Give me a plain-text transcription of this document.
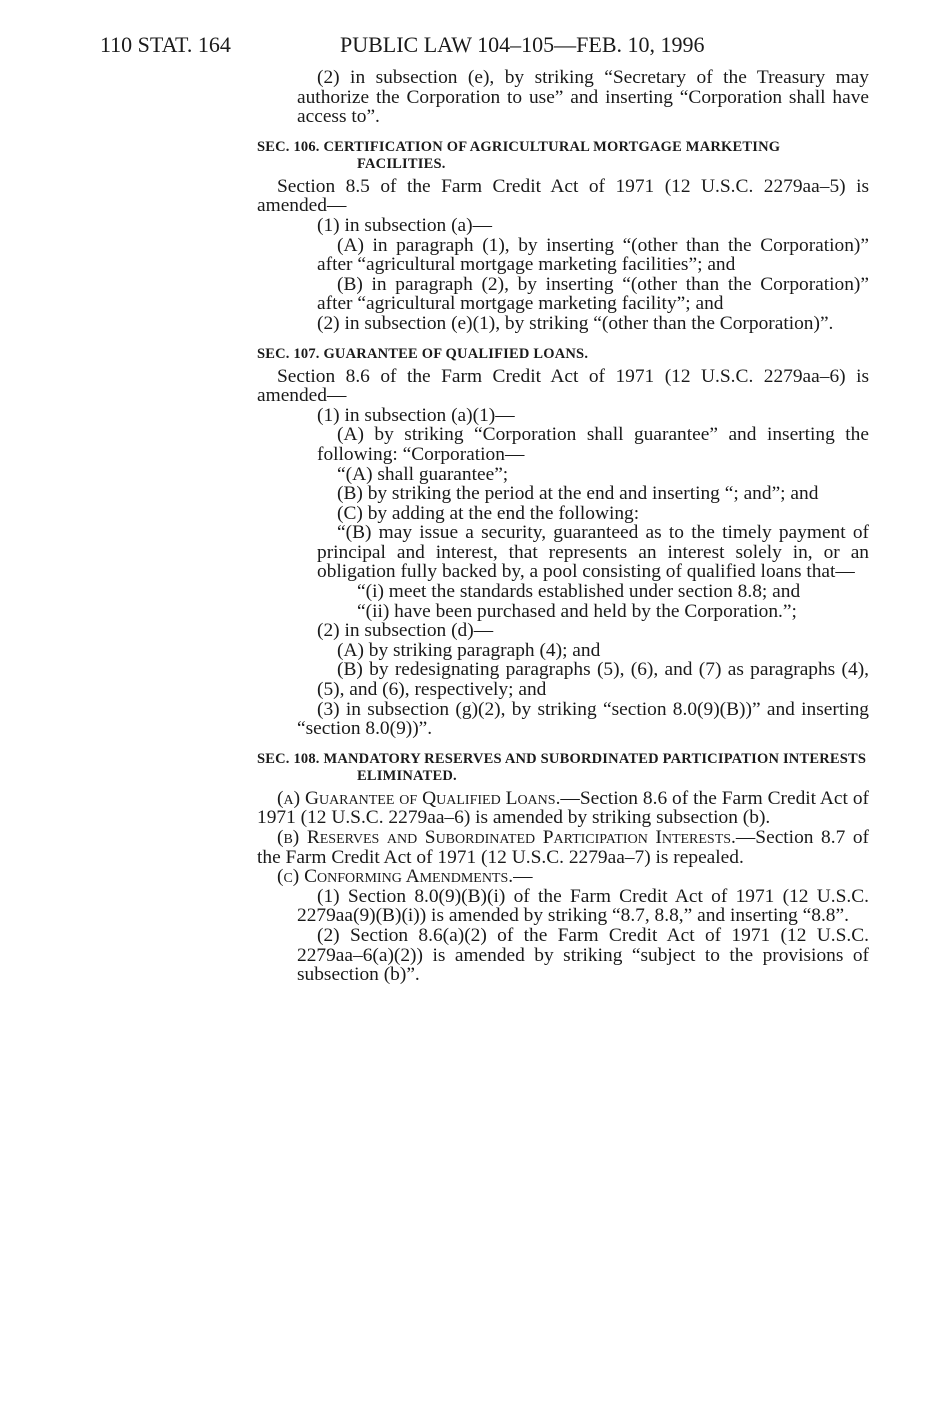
110 STAT. 164	PUBLIC LAW 104–105—FEB. 10, 1996

(2) in subsection (e), by striking “Secretary of the Treasury may authorize the Corporation to use” and inserting “Corporation shall have access to”.

SEC. 106. CERTIFICATION OF AGRICULTURAL MORTGAGE MARKETING FACILITIES.

Section 8.5 of the Farm Credit Act of 1971 (12 U.S.C. 2279aa–5) is amended—

(1) in subsection (a)—

(A) in paragraph (1), by inserting “(other than the Corporation)” after “agricultural mortgage marketing facilities”; and

(B) in paragraph (2), by inserting “(other than the Corporation)” after “agricultural mortgage marketing facility”; and

(2) in subsection (e)(1), by striking “(other than the Corporation)”.

SEC. 107. GUARANTEE OF QUALIFIED LOANS.

Section 8.6 of the Farm Credit Act of 1971 (12 U.S.C. 2279aa–6) is amended—

(1) in subsection (a)(1)—

(A) by striking “Corporation shall guarantee” and inserting the following: “Corporation—

“(A) shall guarantee”;

(B) by striking the period at the end and inserting “; and”; and

(C) by adding at the end the following:

“(B) may issue a security, guaranteed as to the timely payment of principal and interest, that represents an interest solely in, or an obligation fully backed by, a pool consisting of qualified loans that—

“(i) meet the standards established under section 8.8; and

“(ii) have been purchased and held by the Corporation.”;

(2) in subsection (d)—

(A) by striking paragraph (4); and

(B) by redesignating paragraphs (5), (6), and (7) as paragraphs (4), (5), and (6), respectively; and

(3) in subsection (g)(2), by striking “section 8.0(9)(B))” and inserting “section 8.0(9))”.

SEC. 108. MANDATORY RESERVES AND SUBORDINATED PARTICIPATION INTERESTS ELIMINATED.

(a) Guarantee of Qualified Loans.—Section 8.6 of the Farm Credit Act of 1971 (12 U.S.C. 2279aa–6) is amended by striking subsection (b).

(b) Reserves and Subordinated Participation Interests.—Section 8.7 of the Farm Credit Act of 1971 (12 U.S.C. 2279aa–7) is repealed.

(c) Conforming Amendments.—

(1) Section 8.0(9)(B)(i) of the Farm Credit Act of 1971 (12 U.S.C. 2279aa(9)(B)(i)) is amended by striking “8.7, 8.8,” and inserting “8.8”.

(2) Section 8.6(a)(2) of the Farm Credit Act of 1971 (12 U.S.C. 2279aa–6(a)(2)) is amended by striking “subject to the provisions of subsection (b)”.
